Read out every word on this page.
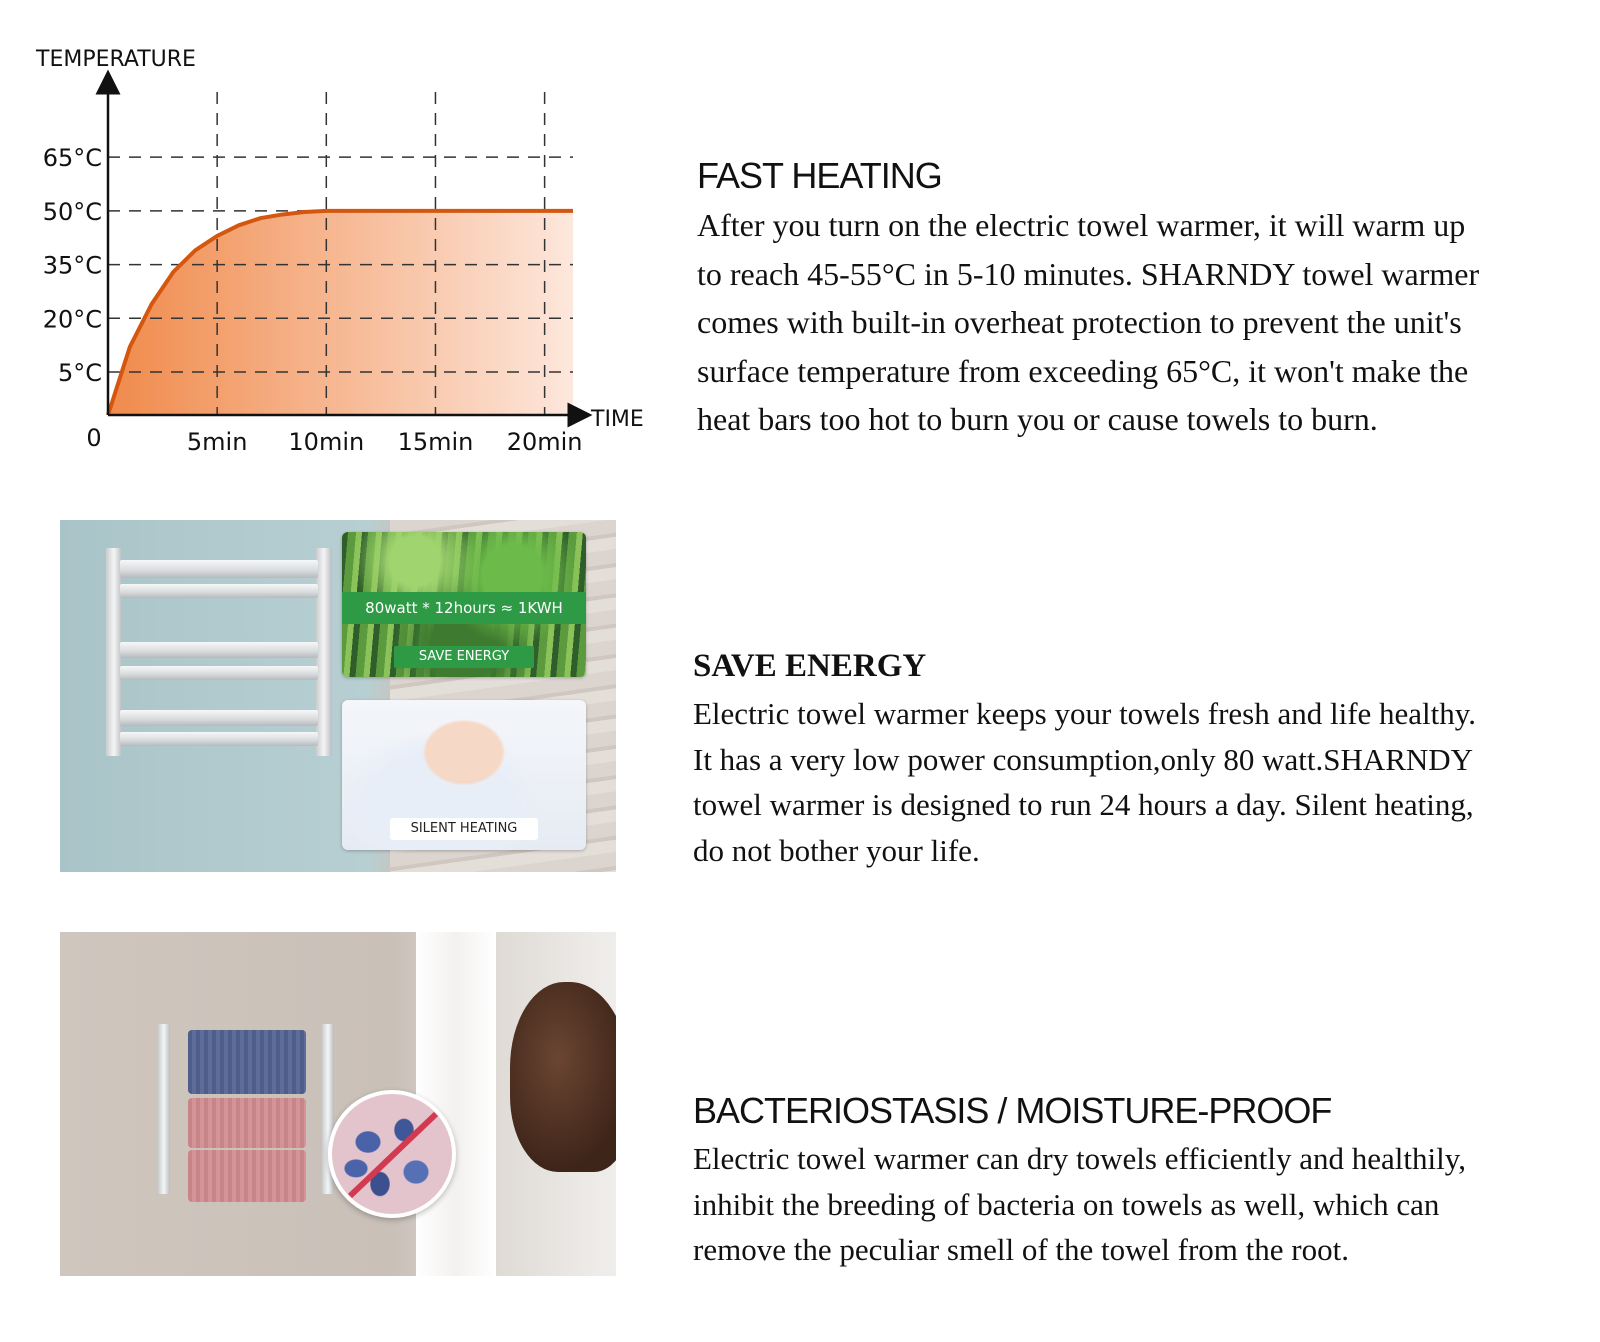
65°C
50°C
35°C
20°C
5°C
5min 10min 15min 20min
0
TEMPERATURE
TIME
FAST HEATING

After you turn on the electric towel warmer, it will warm up
to reach 45-55°C in 5-10 minutes. SHARNDY towel warmer
comes with built-in overheat protection to prevent the unit's
surface temperature from exceeding 65°C, it won't make the
heat bars too hot to burn you or cause towels to burn.

80watt * 12hours ≈ 1KWH
SAVE ENERGY
SILENT HEATING
SAVE ENERGY

Electric towel warmer keeps your towels fresh and life healthy.
It has a very low power consumption,only 80 watt.SHARNDY
towel warmer is designed to run 24 hours a day. Silent heating,
do not bother your life.

BACTERIOSTASIS / MOISTURE-PROOF

Electric towel warmer can dry towels efficiently and healthily,
inhibit the breeding of bacteria on towels as well, which can
remove the peculiar smell of the towel from the root.
